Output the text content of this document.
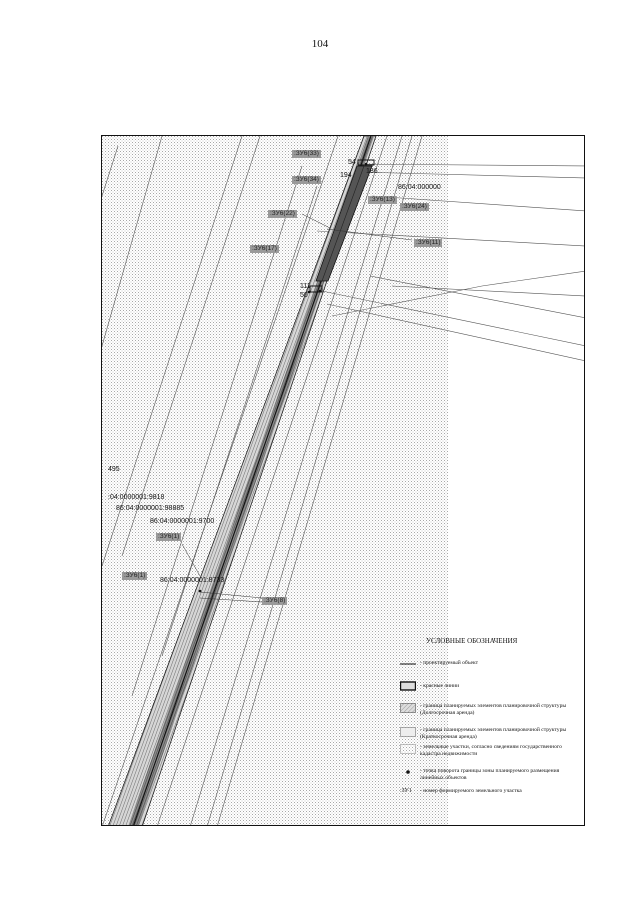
104
54
194
186
86:04:000000
111
50
495
:04:0000001:9818
86:04:0000001:98885
86:04:0000001:9700
86:04:0000001:8733
:ЗУ6(33)
:ЗУ6(34)
:ЗУ6(13)
:ЗУ6(24)
:ЗУ6(22)
:ЗУ6(11)
:ЗУ6(17)
:ЗУ6(1)
:ЗУ6(1)
:ЗУ6(8)
УСЛОВНЫЕ ОБОЗНАЧЕНИЯ
- проектируемый объект
- красные линии
- граница планируемых элементов планировочной структуры (Долгосрочная аренда)
- граница планируемых элементов планировочной структуры (Краткосрочная аренда)
- земельные участки, согласно сведениям государственного кадастра недвижимости
- точка поворота границы зоны планируемого размещения линейных объектов
:ЗУ1	- номер формируемого земельного участка
